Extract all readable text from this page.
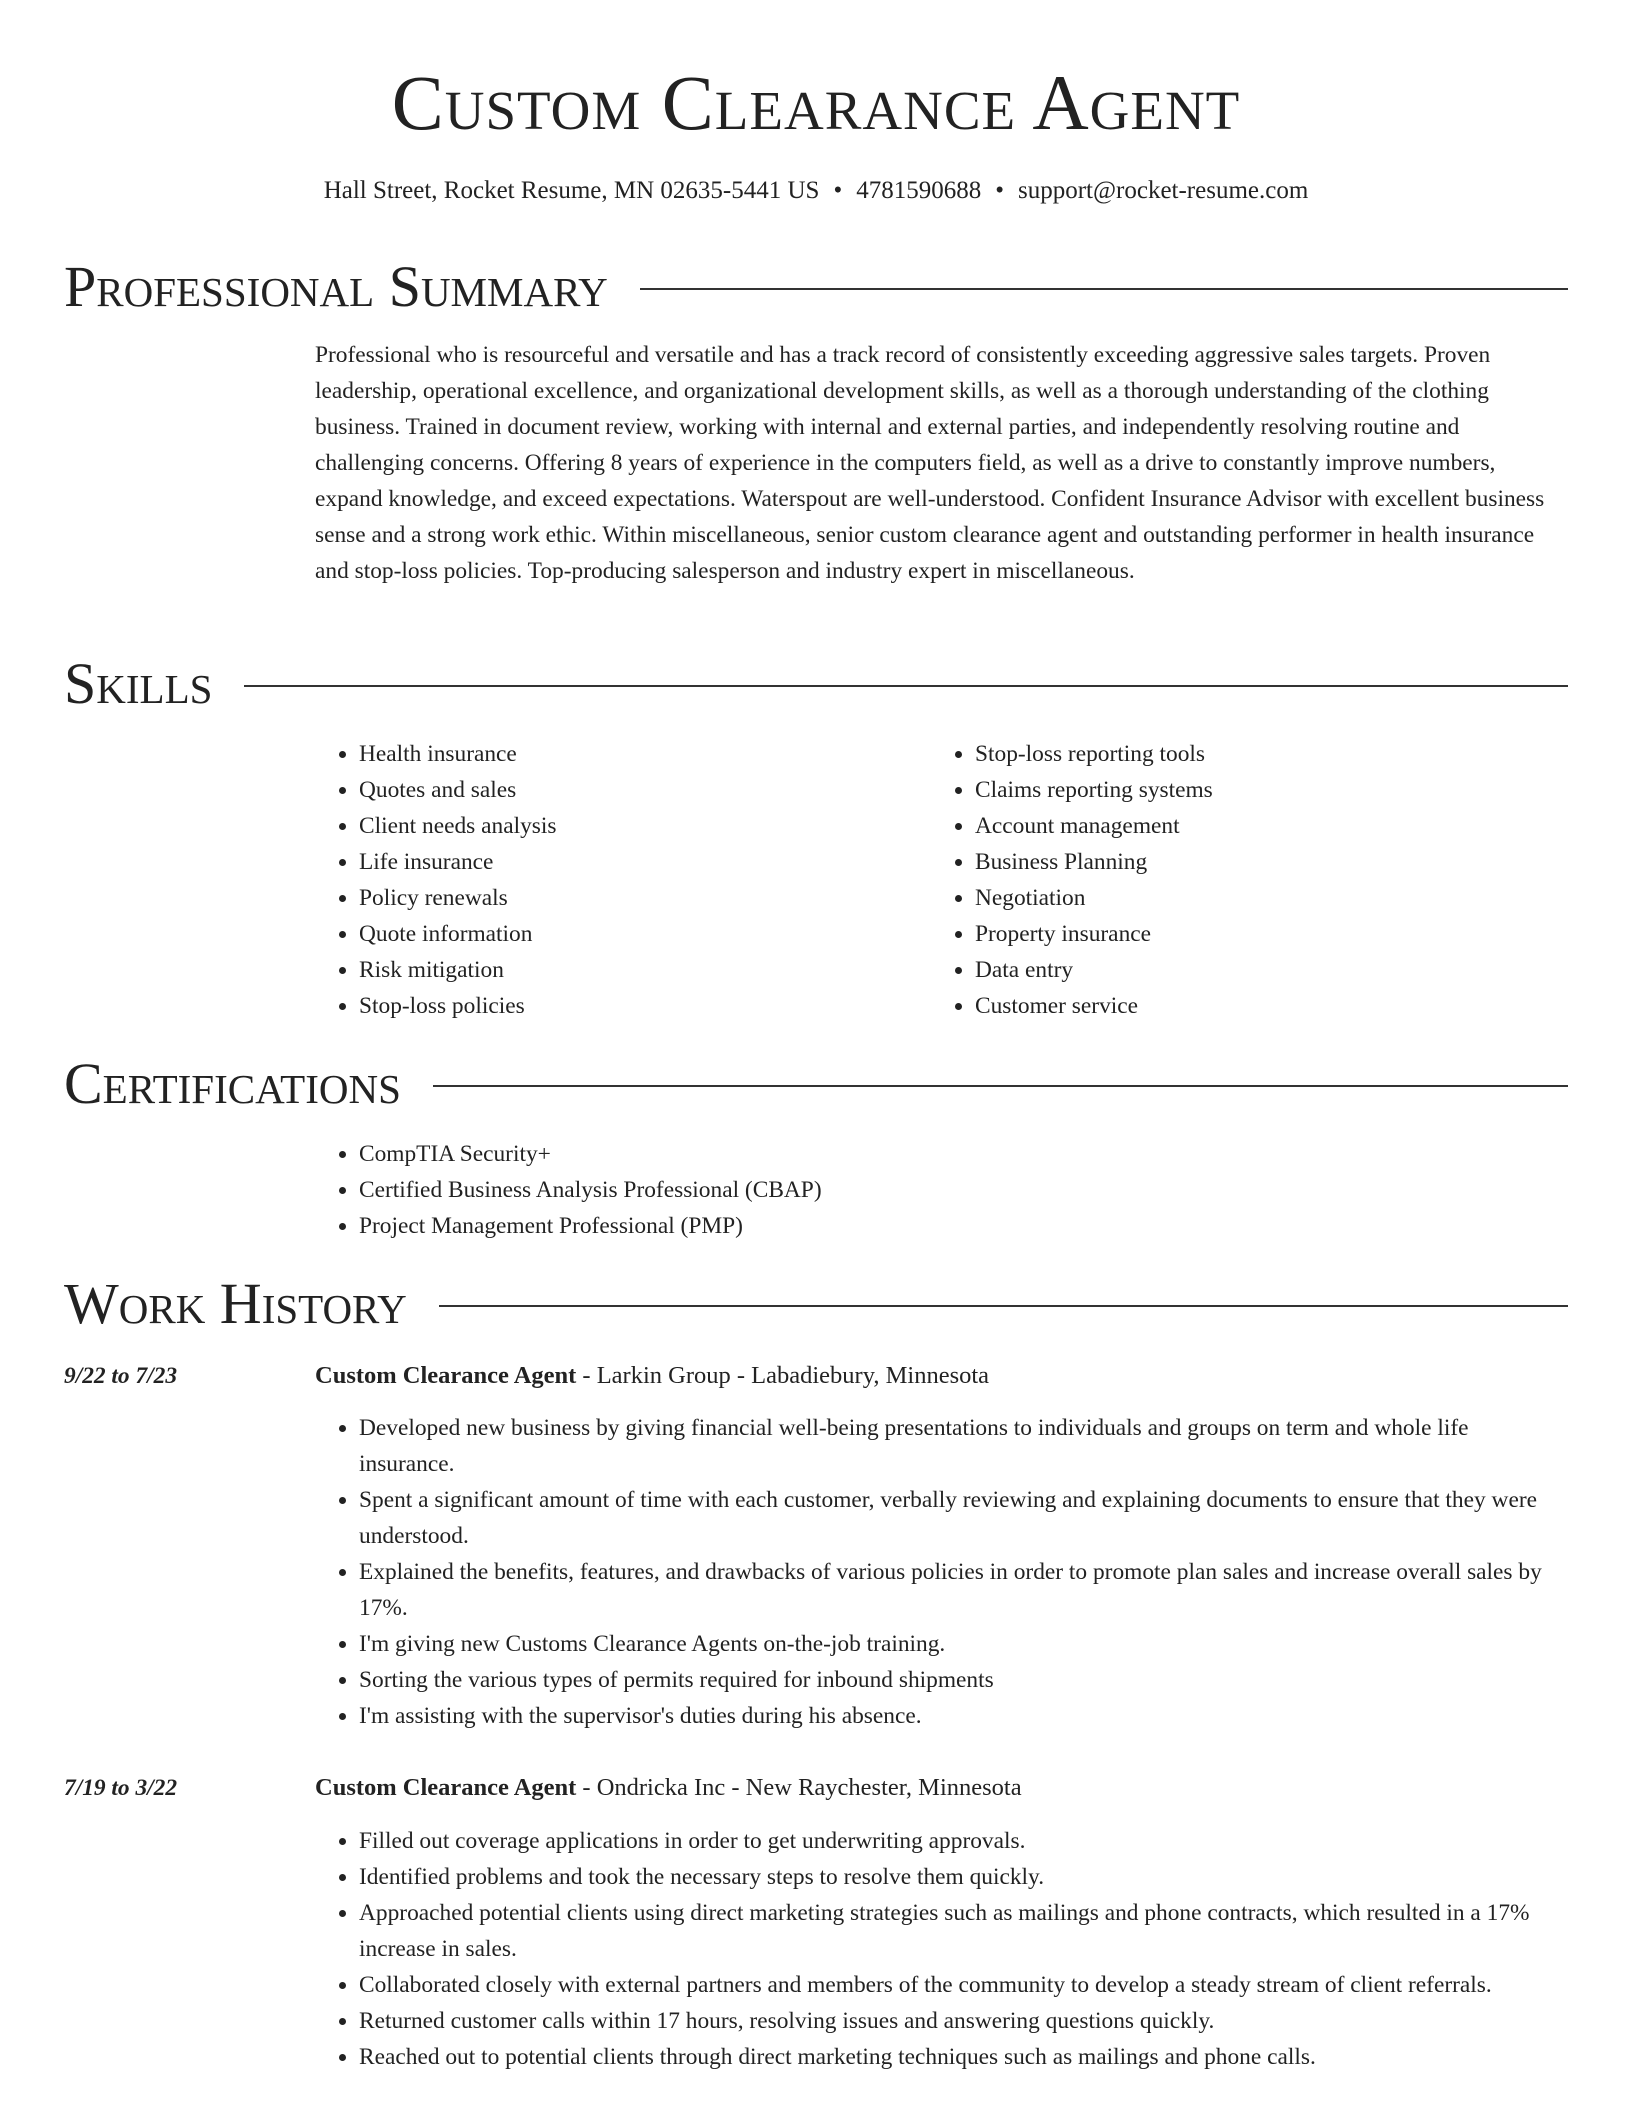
Custom Clearance Agent
Hall Street, Rocket Resume, MN 02635-5441 US • 4781590688 • support@rocket-resume.com
Professional Summary

Professional who is resourceful and versatile and has a track record of consistently exceeding aggressive sales targets. Proven leadership, operational excellence, and organizational development skills, as well as a thorough understanding of the clothing business. Trained in document review, working with internal and external parties, and independently resolving routine and challenging concerns. Offering 8 years of experience in the computers field, as well as a drive to constantly improve numbers, expand knowledge, and exceed expectations. Waterspout are well-understood. Confident Insurance Advisor with excellent business sense and a strong work ethic. Within miscellaneous, senior custom clearance agent and outstanding performer in health insurance and stop-loss policies. Top-producing salesperson and industry expert in miscellaneous.

Skills
• Health insurance
• Quotes and sales
• Client needs analysis
• Life insurance
• Policy renewals
• Quote information
• Risk mitigation
• Stop-loss policies
• Stop-loss reporting tools
• Claims reporting systems
• Account management
• Business Planning
• Negotiation
• Property insurance
• Data entry
• Customer service
Certifications
• CompTIA Security+
• Certified Business Analysis Professional (CBAP)
• Project Management Professional (PMP)
Work History
9/22 to 7/23	Custom Clearance Agent - Larkin Group - Labadiebury, Minnesota
• Developed new business by giving financial well-being presentations to individuals and groups on term and whole life insurance.
• Spent a significant amount of time with each customer, verbally reviewing and explaining documents to ensure that they were understood.
• Explained the benefits, features, and drawbacks of various policies in order to promote plan sales and increase overall sales by 17%.
• I'm giving new Customs Clearance Agents on-the-job training.
• Sorting the various types of permits required for inbound shipments
• I'm assisting with the supervisor's duties during his absence.
7/19 to 3/22	Custom Clearance Agent - Ondricka Inc - New Raychester, Minnesota
• Filled out coverage applications in order to get underwriting approvals.
• Identified problems and took the necessary steps to resolve them quickly.
• Approached potential clients using direct marketing strategies such as mailings and phone contracts, which resulted in a 17% increase in sales.
• Collaborated closely with external partners and members of the community to develop a steady stream of client referrals.
• Returned customer calls within 17 hours, resolving issues and answering questions quickly.
• Reached out to potential clients through direct marketing techniques such as mailings and phone calls.
